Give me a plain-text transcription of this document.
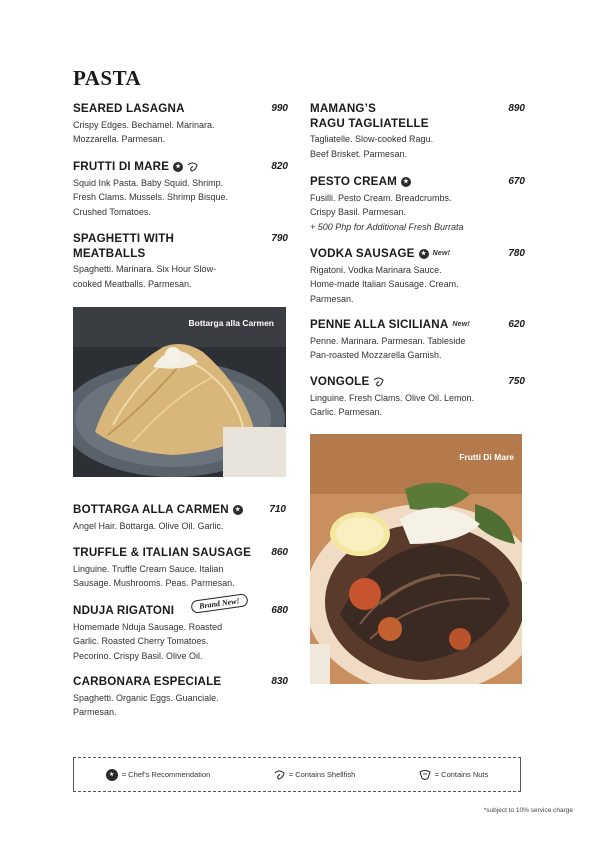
PASTA
SEARED LASAGNA	990
Crispy Edges. Bechamel. Marinara.
Mozzarella. Parmesan.
FRUTTI DI MARE	★	820
Squid Ink Pasta. Baby Squid. Shrimp.
Fresh Clams. Mussels. Shrimp Bisque.
Crushed Tomatoes.
SPAGHETTI WITH
MEATBALLS
790
Spaghetti. Marinara. Six Hour Slow-
cooked Meatballs. Parmesan.
Bottarga alla Carmen
BOTTARGA ALLA CARMEN	★	710
Angel Hair. Bottarga. Olive Oil. Garlic.
TRUFFLE & ITALIAN SAUSAGE 860
Linguine. Truffle Cream Sauce. Italian
Sausage. Mushrooms. Peas. Parmesan.
NDUJA RIGATONI	Brand New!	680
Homemade Nduja Sausage. Roasted
Garlic. Roasted Cherry Tomatoes.
Pecorino. Crispy Basil. Olive Oil.
CARBONARA ESPECIALE	830
Spaghetti. Organic Eggs. Guanciale.
Parmesan.
MAMANG’S
RAGU TAGLIATELLE
890
Tagliatelle. Slow-cooked Ragu.
Beef Brisket. Parmesan.
PESTO CREAM	★	670
Fusilli. Pesto Cream. Breadcrumbs.
Crispy Basil. Parmesan.
+ 500 Php for Additional Fresh Burrata
VODKA SAUSAGE	★ New!	780
Rigatoni. Vodka Marinara Sauce.
Home-made Italian Sausage. Cream.
Parmesan.
PENNE ALLA SICILIANA New!	620
Penne. Marinara. Parmesan. Tableside
Pan-roasted Mozzarella Garnish.
VONGOLE	750
Linguine. Fresh Clams. Olive Oil. Lemon.
Garlic. Parmesan.
Frutti Di Mare
★ = Chef’s Recommendation	= Contains Shellfish	= Contains Nuts
*subject to 10% service charge
